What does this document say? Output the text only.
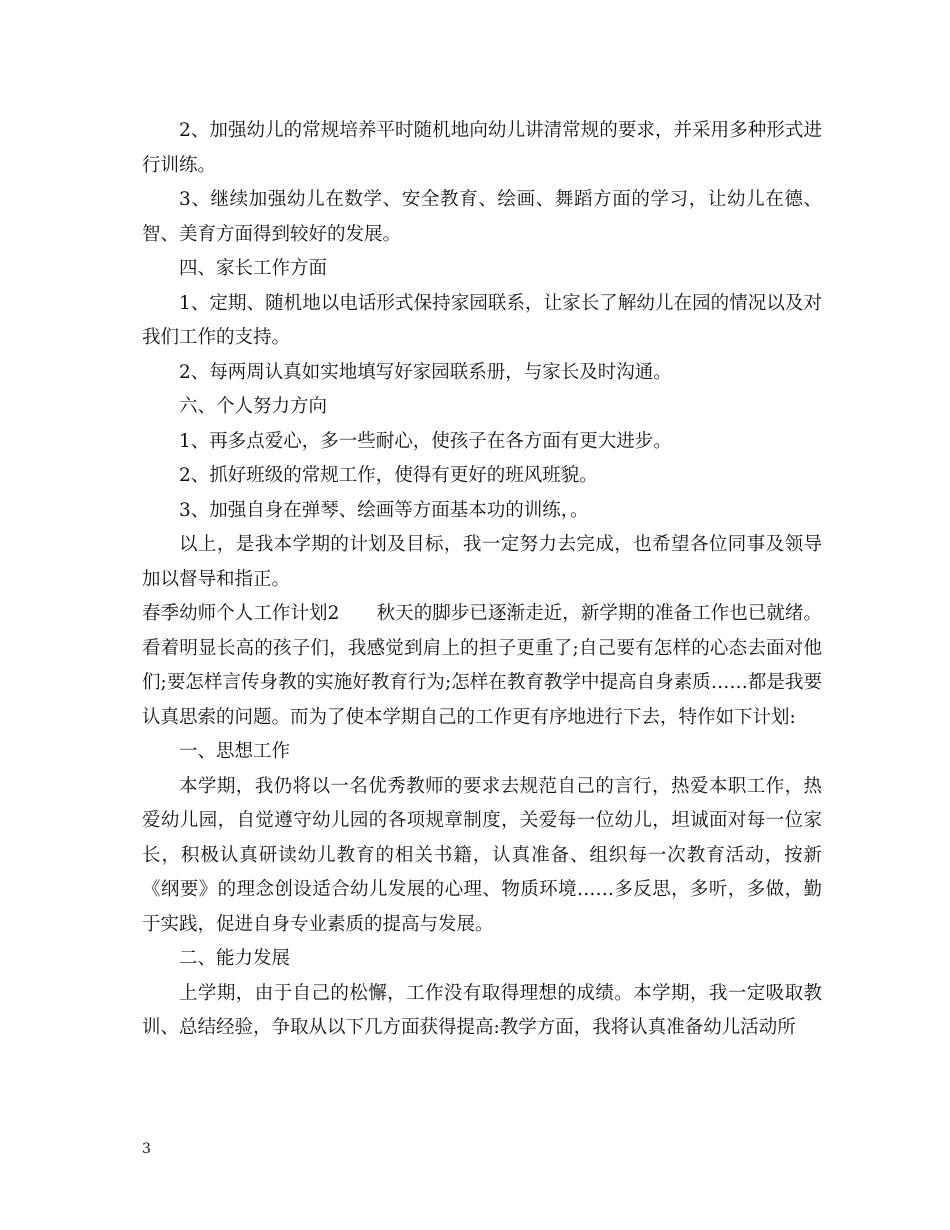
2、加强幼儿的常规培养平时随机地向幼儿讲清常规的要求，并采用多种形式进行训练。

3、继续加强幼儿在数学、安全教育、绘画、舞蹈方面的学习，让幼儿在德、智、美育方面得到较好的发展。

四、家长工作方面

1、定期、随机地以电话形式保持家园联系，让家长了解幼儿在园的情况以及对我们工作的支持。

2、每两周认真如实地填写好家园联系册，与家长及时沟通。

六、个人努力方向

1、再多点爱心，多一些耐心，使孩子在各方面有更大进步。

2、抓好班级的常规工作，使得有更好的班风班貌。

3、加强自身在弹琴、绘画等方面基本功的训练，。

以上，是我本学期的计划及目标，我一定努力去完成，也希望各位同事及领导加以督导和指正。

春季幼师个人工作计划2　　秋天的脚步已逐渐走近，新学期的准备工作也已就绪。看着明显长高的孩子们，我感觉到肩上的担子更重了;自己要有怎样的心态去面对他们;要怎样言传身教的实施好教育行为;怎样在教育教学中提高自身素质……都是我要认真思索的问题。而为了使本学期自己的工作更有序地进行下去，特作如下计划:

一、思想工作

本学期，我仍将以一名优秀教师的要求去规范自己的言行，热爱本职工作，热爱幼儿园，自觉遵守幼儿园的各项规章制度，关爱每一位幼儿，坦诚面对每一位家长，积极认真研读幼儿教育的相关书籍，认真准备、组织每一次教育活动，按新《纲要》的理念创设适合幼儿发展的心理、物质环境……多反思，多听，多做，勤于实践，促进自身专业素质的提高与发展。

二、能力发展

上学期，由于自己的松懈，工作没有取得理想的成绩。本学期，我一定吸取教训、总结经验，争取从以下几方面获得提高:教学方面，我将认真准备幼儿活动所

3
